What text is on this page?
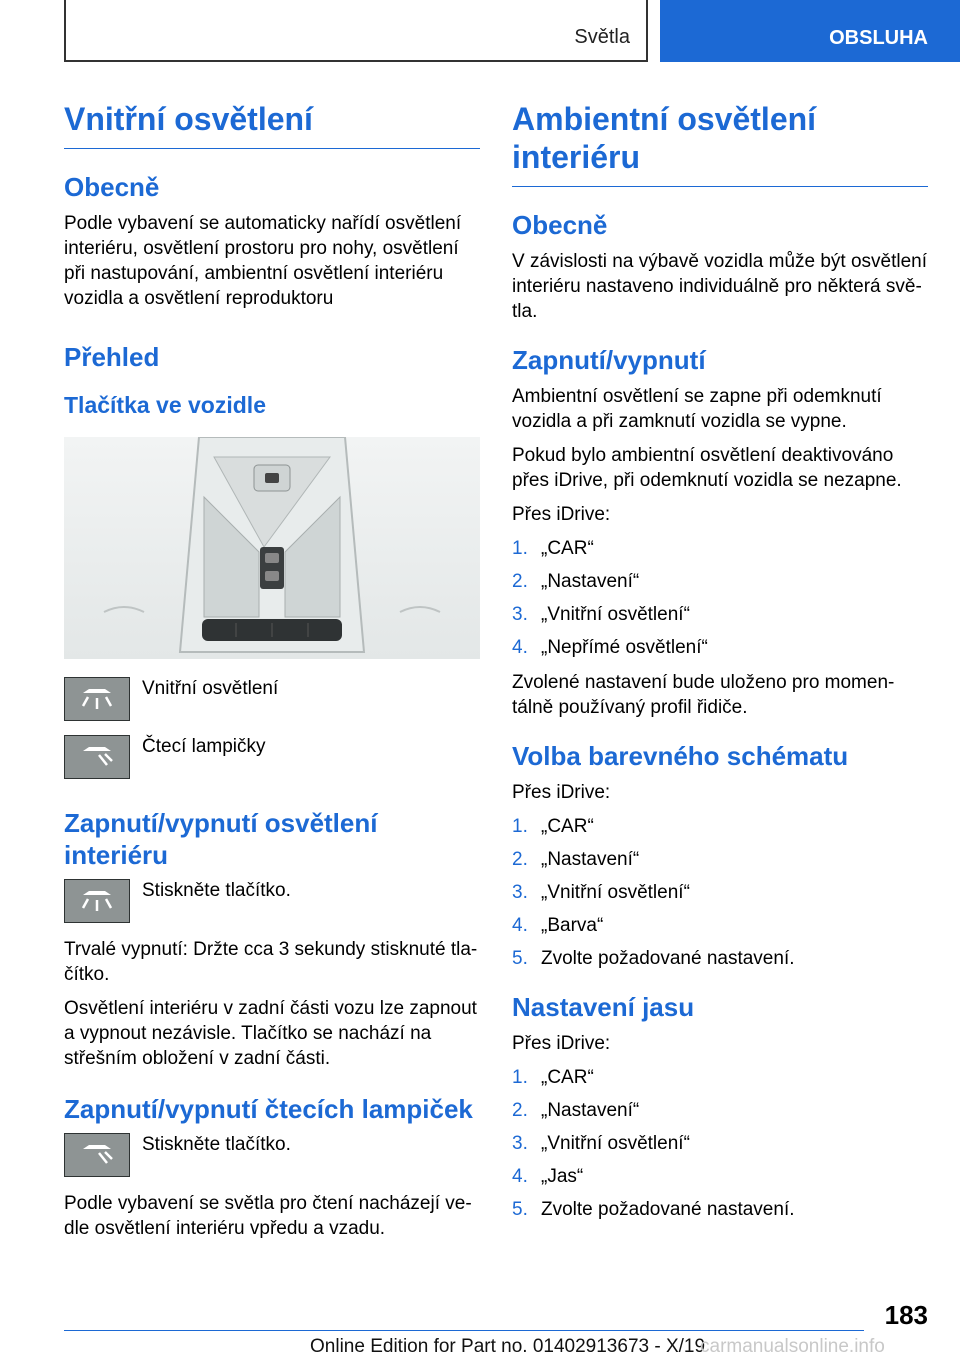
Světla	OBSLUHA
Vnitřní osvětlení
Obecně

Podle vybavení se automaticky nařídí osvětlení interiéru, osvětlení prostoru pro nohy, osvětlení při nastupování, ambientní osvětlení interiéru vozidla a osvětlení reproduktoru

Přehled
Tlačítka ve vozidle
Vnitřní osvětlení
Čtecí lampičky
Zapnutí/vypnutí osvětlení interiéru
Stiskněte tlačítko.

Trvalé vypnutí: Držte cca 3 sekundy stisknuté tlačítko.

Osvětlení interiéru v zadní části vozu lze zapnout a vypnout nezávisle. Tlačítko se nachází na střešním obložení v zadní části.

Zapnutí/vypnutí čtecích lampiček
Stiskněte tlačítko.

Podle vybavení se světla pro čtení nacházejí vedle osvětlení interiéru vpředu a vzadu.

Ambientní osvětlení interiéru
Obecně

V závislosti na výbavě vozidla může být osvětlení interiéru nastaveno individuálně pro některá světla.

Zapnutí/vypnutí

Ambientní osvětlení se zapne při odemknutí vozidla a při zamknutí vozidla se vypne.

Pokud bylo ambientní osvětlení deaktivováno přes iDrive, při odemknutí vozidla se nezapne.

Přes iDrive:

1. „CAR“
2. „Nastavení“
3. „Vnitřní osvětlení“
4. „Nepřímé osvětlení“

Zvolené nastavení bude uloženo pro momentálně používaný profil řidiče.

Volba barevného schématu

Přes iDrive:

1. „CAR“
2. „Nastavení“
3. „Vnitřní osvětlení“
4. „Barva“
5. Zvolte požadované nastavení.
Nastavení jasu

Přes iDrive:

1. „CAR“
2. „Nastavení“
3. „Vnitřní osvětlení“
4. „Jas“
5. Zvolte požadované nastavení.
183
Online Edition for Part no. 01402913673 - X/19
carmanualsonline.info
